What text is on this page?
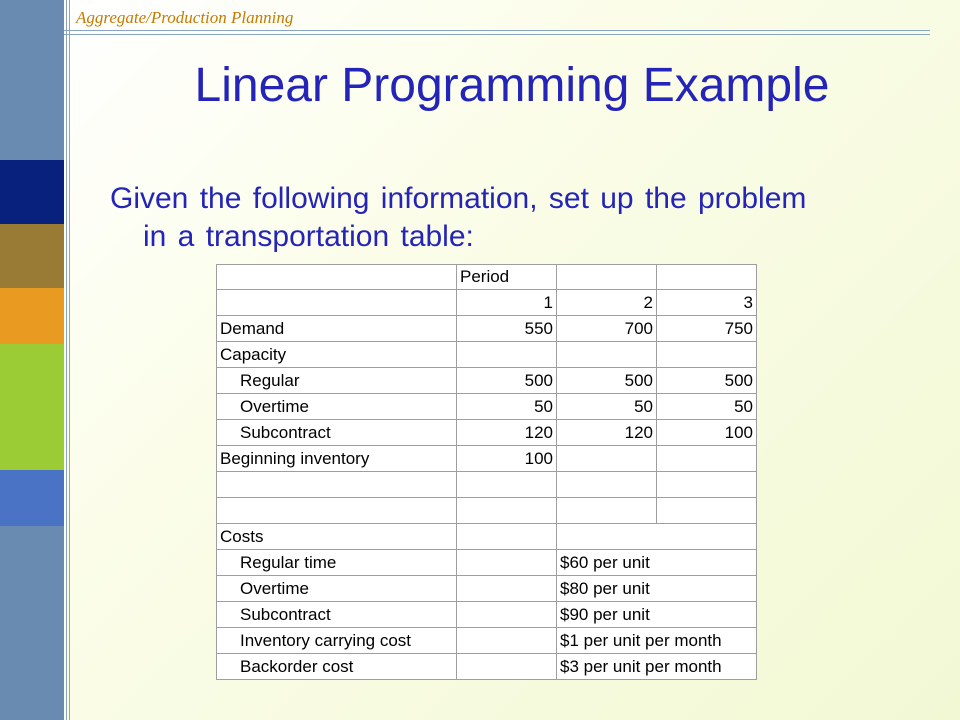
Aggregate/Production Planning
Linear Programming Example
Given the following information, set up the problem
in a transportation table:
	Period		
	1	2	3
Demand	550	700	750
Capacity			
Regular	500	500	500
Overtime	50	50	50
Subcontract	120	120	100
Beginning inventory	100		

Costs			
Regular time		$60 per unit	
Overtime		$80 per unit	
Subcontract		$90 per unit	
Inventory carrying cost		$1 per unit per month	
Backorder cost		$3 per unit per month	
